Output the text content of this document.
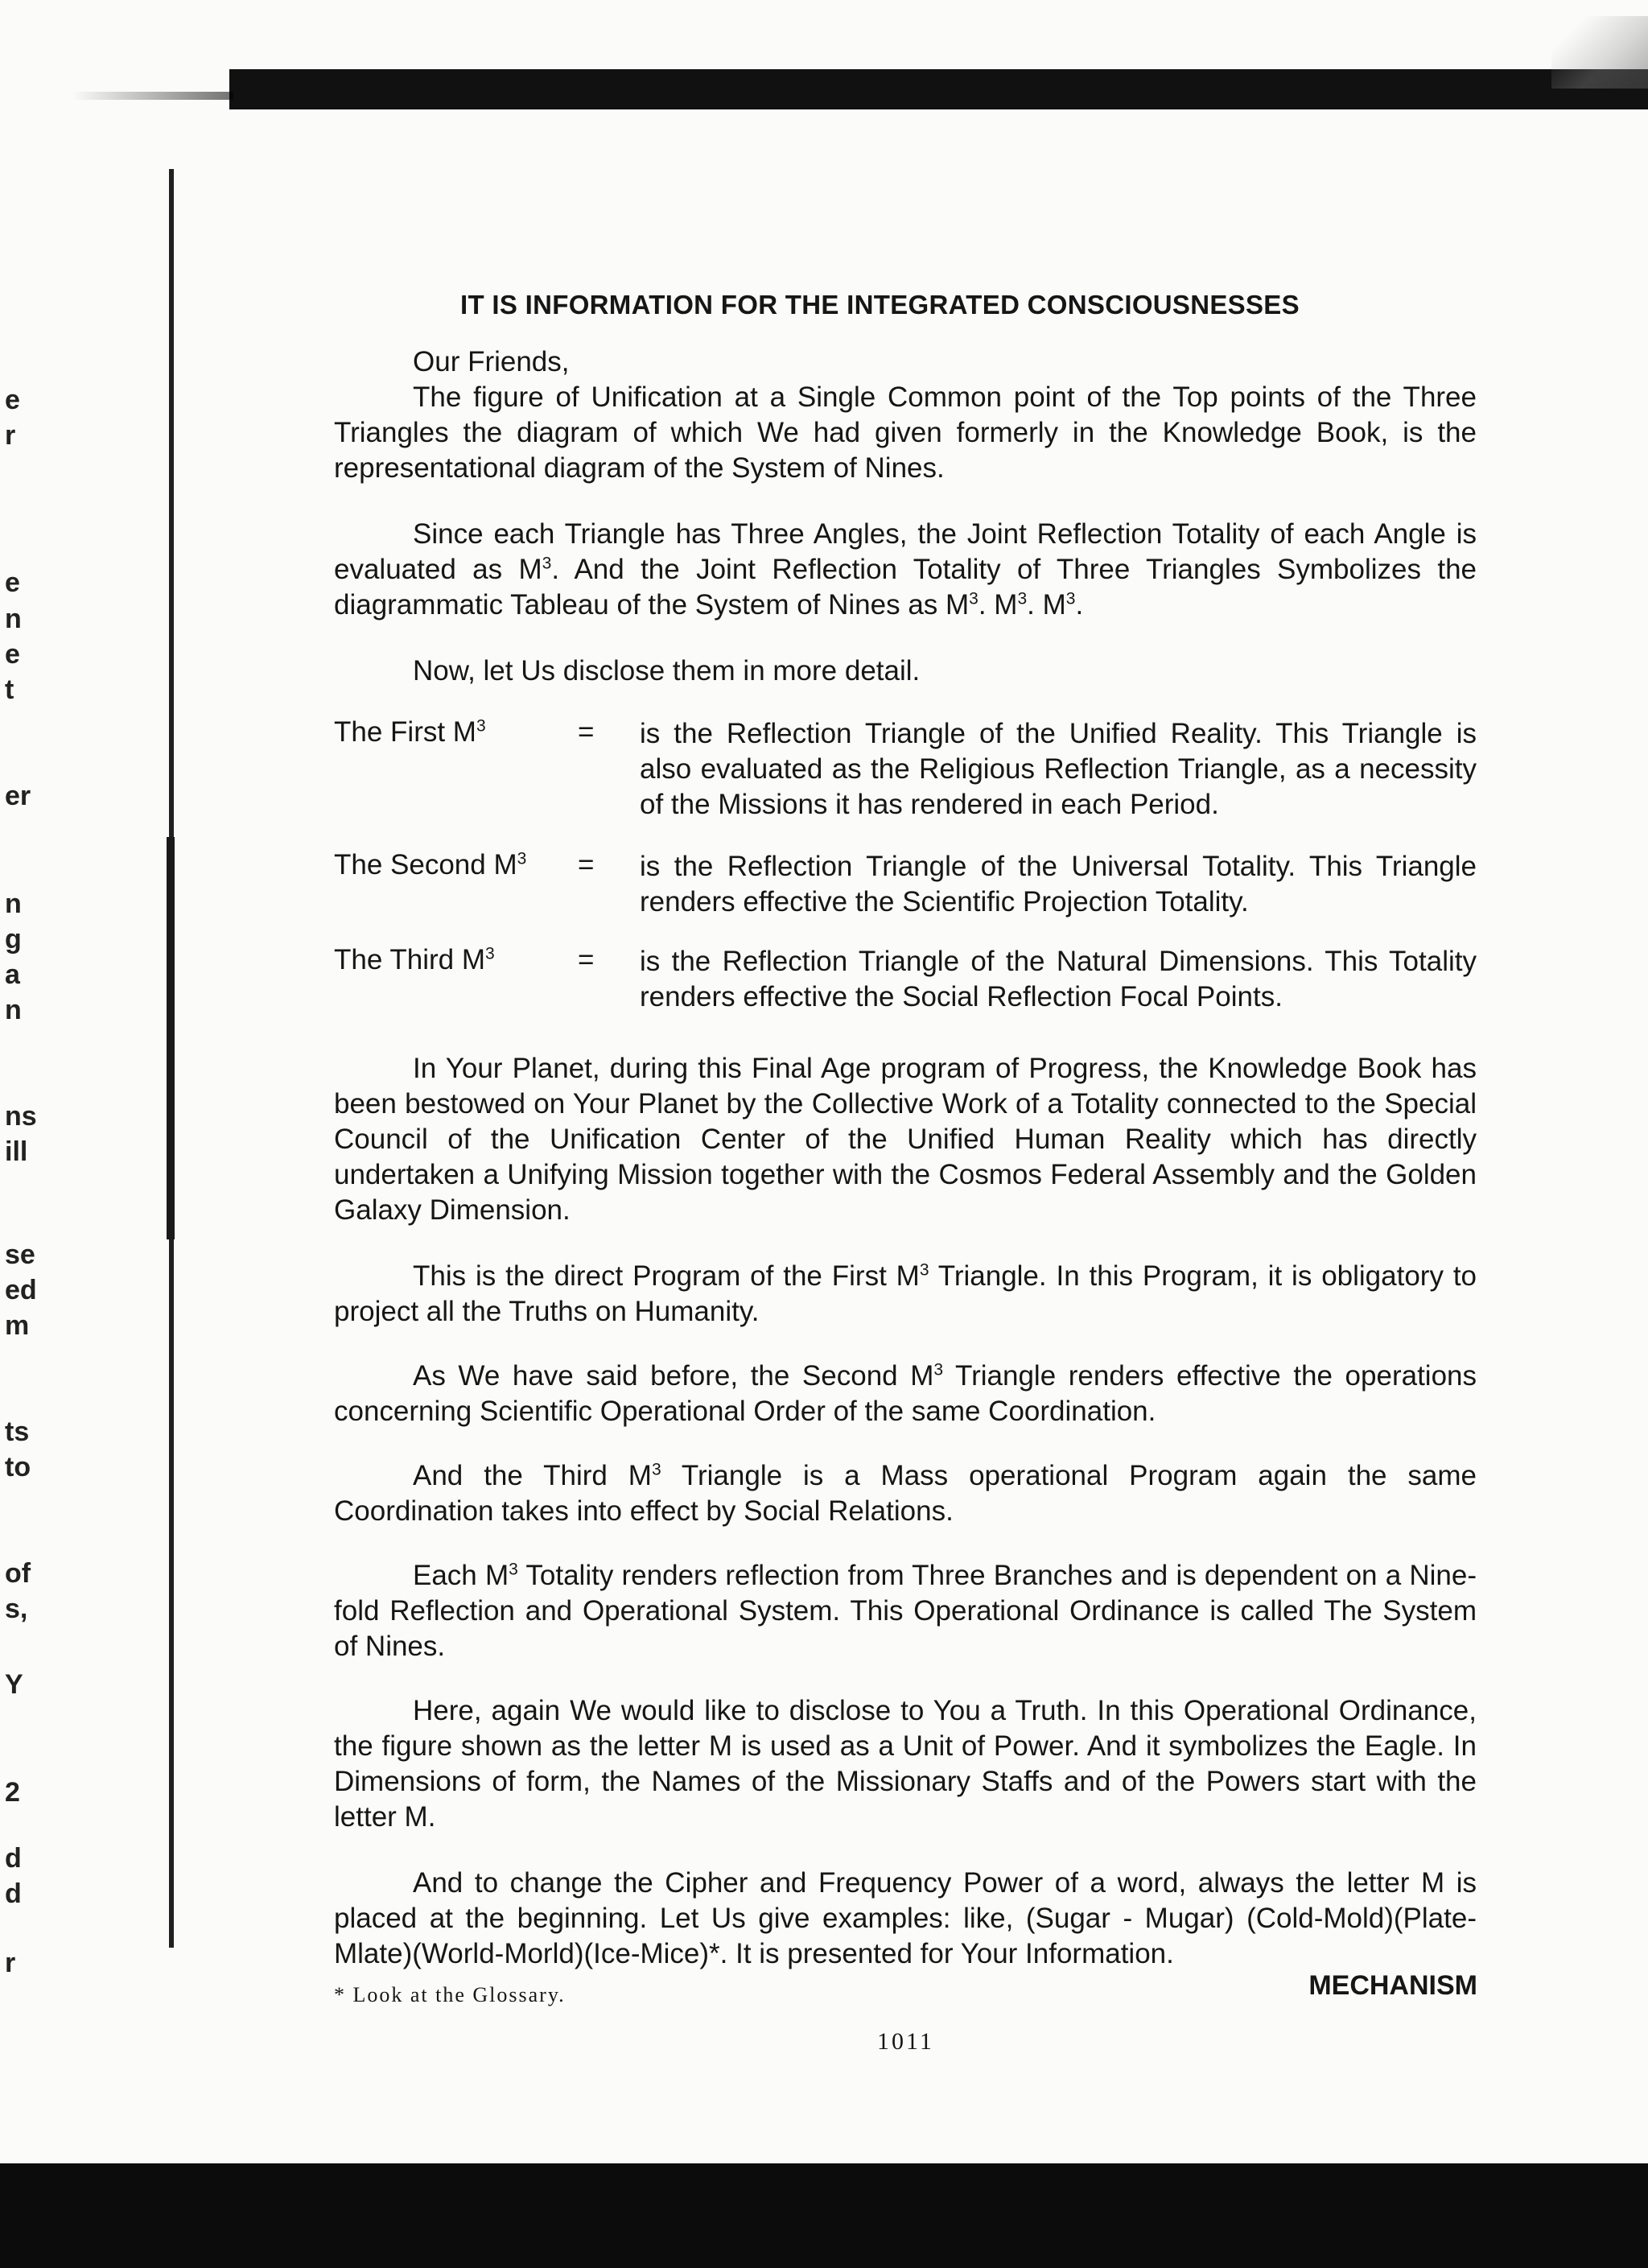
e
r
e
n
e
t
er
n
g
a
n
ns
ill
se
ed
m
ts
to
of
s,
Y
2
d
d
r
IT IS INFORMATION FOR THE INTEGRATED CONSCIOUSNESSES

Our Friends,

The figure of Unification at a Single Common point of the Top points of the Three Triangles the diagram of which We had given formerly in the Knowledge Book, is the representational diagram of the System of Nines.

Since each Triangle has Three Angles, the Joint Reflection Totality of each Angle is evaluated as $M^3$. And the Joint Reflection Totality of Three Triangles Symbolizes the diagrammatic Tableau of the System of Nines as $M^3$. $M^3$. $M^3$.

Now, let Us disclose them in more detail.

The First $M^3$	= is the Reflection Triangle of the Unified Reality. This Triangle is also evaluated as the Religious Reflection Triangle, as a necessity of the Missions it has rendered in each Period.

The Second $M^3$ = is the Reflection Triangle of the Universal Totality. This Triangle renders effective the Scientific Projection Totality.

The Third $M^3$	= is the Reflection Triangle of the Natural Dimensions. This Totality renders effective the Social Reflection Focal Points.

In Your Planet, during this Final Age program of Progress, the Knowledge Book has been bestowed on Your Planet by the Collective Work of a Totality connected to the Special Council of the Unification Center of the Unified Human Reality which has directly undertaken a Unifying Mission together with the Cosmos Federal Assembly and the Golden Galaxy Dimension.

This is the direct Program of the First $M^3$ Triangle. In this Program, it is obligatory to project all the Truths on Humanity.

As We have said before, the Second $M^3$ Triangle renders effective the operations concerning Scientific Operational Order of the same Coordination.

And the Third $M^3$ Triangle is a Mass operational Program again the same Coordination takes into effect by Social Relations.

Each $M^3$ Totality renders reflection from Three Branches and is dependent on a Nine-fold Reflection and Operational System. This Operational Ordinance is called The System of Nines.

Here, again We would like to disclose to You a Truth. In this Operational Ordinance, the figure shown as the letter M is used as a Unit of Power. And it symbolizes the Eagle. In Dimensions of form, the Names of the Missionary Staffs and of the Powers start with the letter M.

And to change the Cipher and Frequency Power of a word, always the letter M is placed at the beginning. Let Us give examples: like, (Sugar - Mugar) (Cold-Mold)(Plate-Mlate)(World-Morld)(Ice-Mice)*. It is presented for Your Information.

* Look at the Glossary.	MECHANISM
1011
